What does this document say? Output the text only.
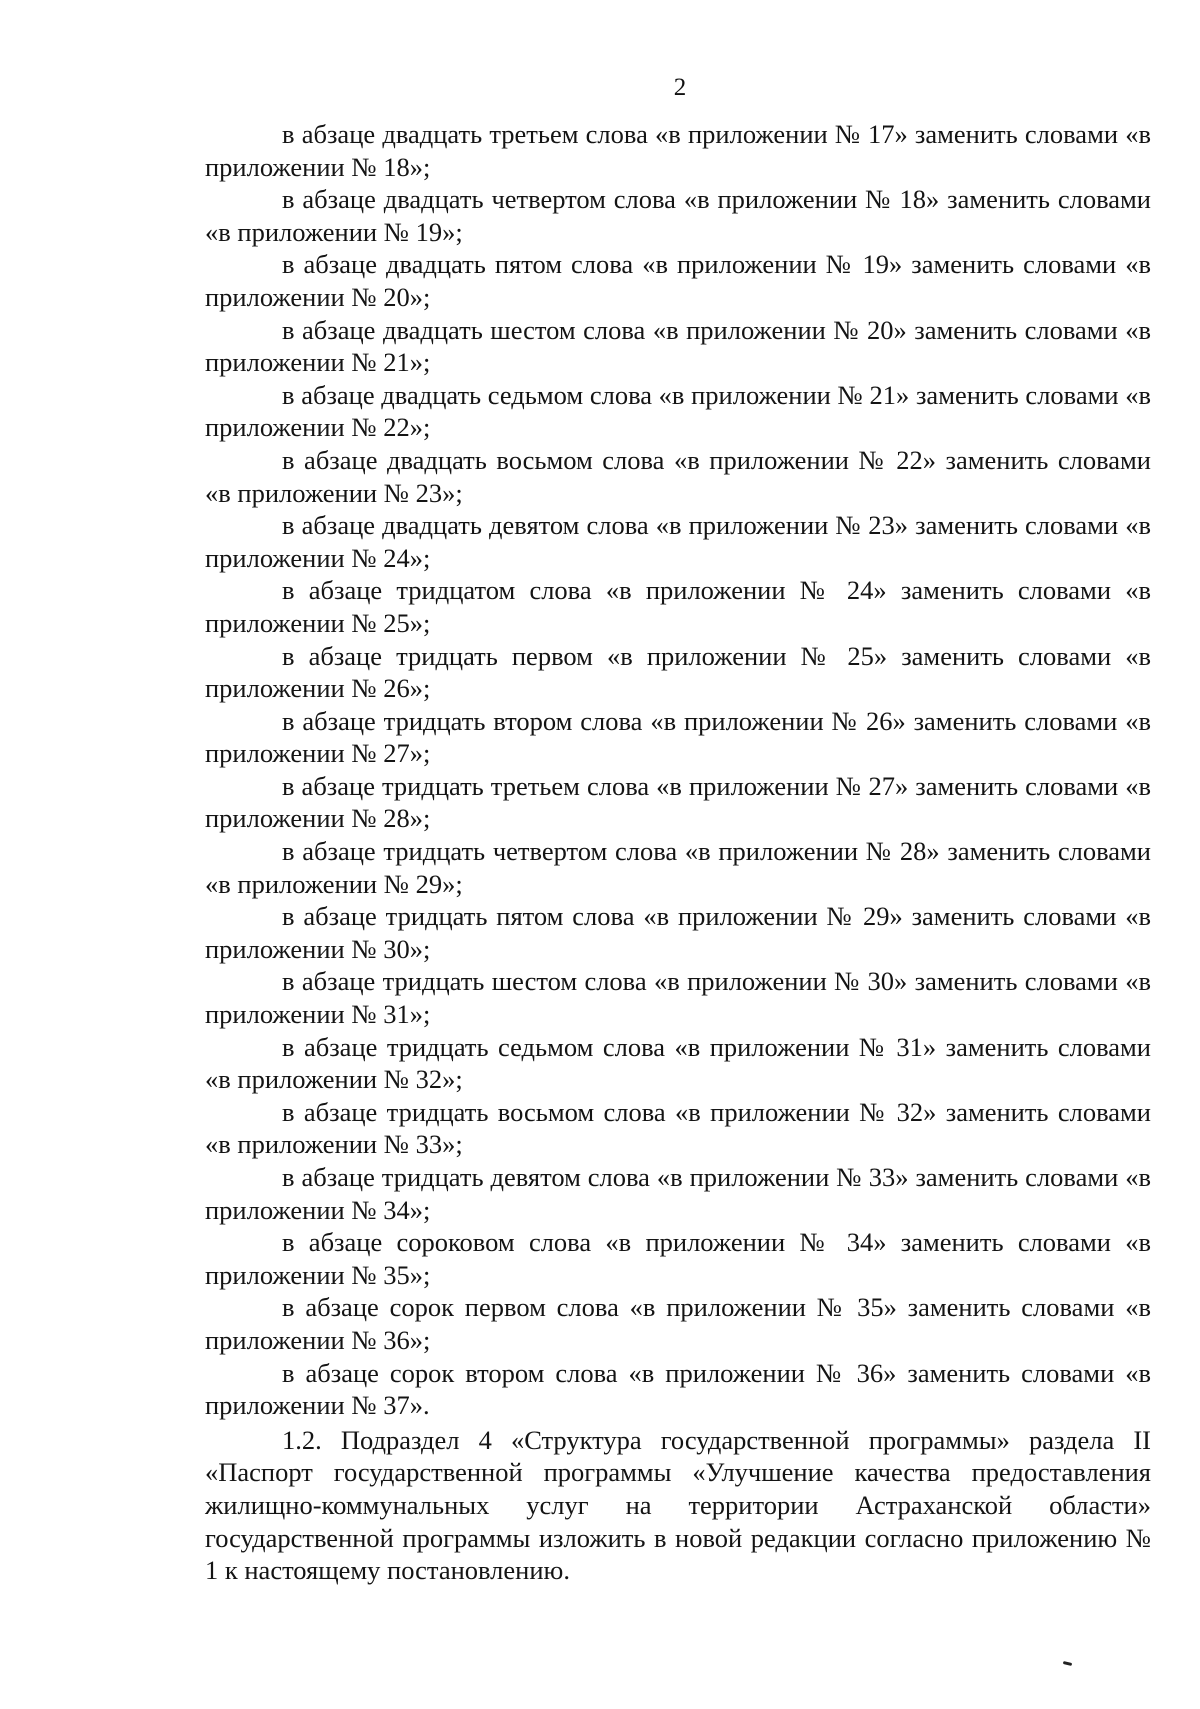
2

в абзаце двадцать третьем слова «в приложении № 17» заменить словами «в приложении № 18»;

в абзаце двадцать четвертом слова «в приложении № 18» заменить словами «в приложении № 19»;

в абзаце двадцать пятом слова «в приложении № 19» заменить словами «в приложении № 20»;

в абзаце двадцать шестом слова «в приложении № 20» заменить словами «в приложении № 21»;

в абзаце двадцать седьмом слова «в приложении № 21» заменить словами «в приложении № 22»;

в абзаце двадцать восьмом слова «в приложении № 22» заменить словами «в приложении № 23»;

в абзаце двадцать девятом слова «в приложении № 23» заменить словами «в приложении № 24»;

в абзаце тридцатом слова «в приложении № 24» заменить словами «в приложении № 25»;

в абзаце тридцать первом «в приложении № 25» заменить словами «в приложении № 26»;

в абзаце тридцать втором слова «в приложении № 26» заменить словами «в приложении № 27»;

в абзаце тридцать третьем слова «в приложении № 27» заменить словами «в приложении № 28»;

в абзаце тридцать четвертом слова «в приложении № 28» заменить словами «в приложении № 29»;

в абзаце тридцать пятом слова «в приложении № 29» заменить словами «в приложении № 30»;

в абзаце тридцать шестом слова «в приложении № 30» заменить словами «в приложении № 31»;

в абзаце тридцать седьмом слова «в приложении № 31» заменить словами «в приложении № 32»;

в абзаце тридцать восьмом слова «в приложении № 32» заменить словами «в приложении № 33»;

в абзаце тридцать девятом слова «в приложении № 33» заменить словами «в приложении № 34»;

в абзаце сороковом слова «в приложении № 34» заменить словами «в приложении № 35»;

в абзаце сорок первом слова «в приложении № 35» заменить словами «в приложении № 36»;

в абзаце сорок втором слова «в приложении № 36» заменить словами «в приложении № 37».

1.2. Подраздел 4 «Структура государственной программы» раздела II «Паспорт государственной программы «Улучшение качества предоставления жилищно-коммунальных услуг на территории Астраханской области» государственной программы изложить в новой редакции согласно приложению № 1 к настоящему постановлению.
